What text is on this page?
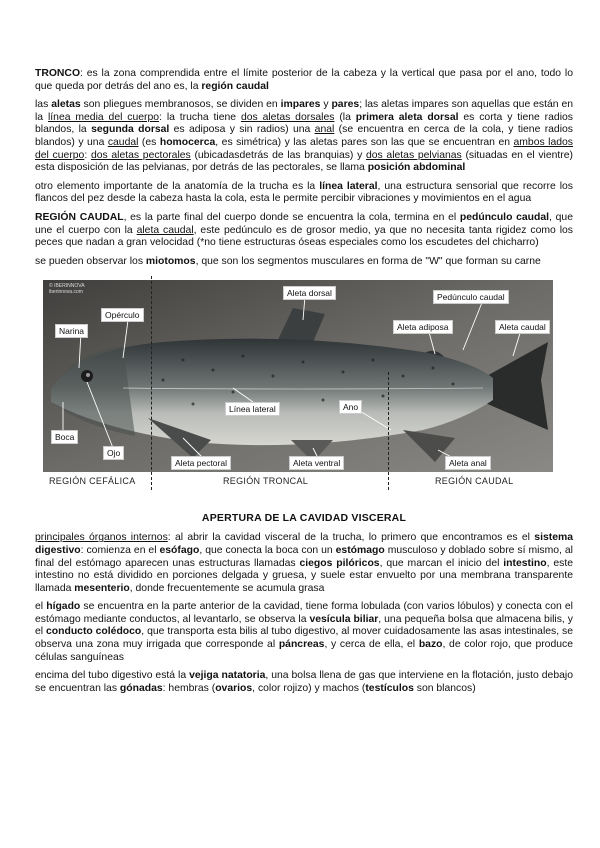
TRONCO: es la zona comprendida entre el límite posterior de la cabeza y la vertical que pasa por el ano, todo lo que queda por detrás del ano es, la región caudal

las aletas son pliegues membranosos, se dividen en impares y pares; las aletas impares son aquellas que están en la línea media del cuerpo: la trucha tiene dos aletas dorsales (la primera aleta dorsal es corta y tiene radios blandos, la segunda dorsal es adiposa y sin radios) una anal (se encuentra en cerca de la cola, y tiene radios blandos) y una caudal (es homocerca, es simétrica) y las aletas pares son las que se encuentran en ambos lados del cuerpo: dos aletas pectorales (ubicadasdetrás de las branquias) y dos aletas pelvianas (situadas en el vientre) esta disposición de las pelvianas, por detrás de las pectorales, se llama posición abdominal

otro elemento importante de la anatomía de la trucha es la línea lateral, una estructura sensorial que recorre los flancos del pez desde la cabeza hasta la cola, esta le permite percibir vibraciones y movimientos en el agua

REGIÓN CAUDAL, es la parte final del cuerpo donde se encuentra la cola, termina en el pedúnculo caudal, que une el cuerpo con la aleta caudal, este pedúnculo es de grosor medio, ya que no necesita tanta rigidez como los peces que nadan a gran velocidad (*no tiene estructuras óseas especiales como los escudetes del chicharro)

se pueden observar los miotomos, que son los segmentos musculares en forma de "W" que forman su carne

© IBERINNOVA
iberinnova.com	Aleta dorsal
Opérculo
Pedúnculo caudal
Narina	Aleta adiposa	Aleta caudal
Línea lateral	Ano
Boca
Ojo
Aleta pectoral	Aleta ventral	Aleta anal
REGIÓN CEFÁLICA	REGIÓN TRONCAL	REGIÓN CAUDAL
APERTURA DE LA CAVIDAD VISCERAL

principales órganos internos: al abrir la cavidad visceral de la trucha, lo primero que encontramos es el sistema digestivo: comienza en el esófago, que conecta la boca con un estómago musculoso y doblado sobre sí mismo, al final del estómago aparecen unas estructuras llamadas ciegos pilóricos, que marcan el inicio del intestino, este intestino no está dividido en porciones delgada y gruesa, y suele estar envuelto por una membrana transparente llamada mesenterio, donde frecuentemente se acumula grasa

el hígado se encuentra en la parte anterior de la cavidad, tiene forma lobulada (con varios lóbulos) y conecta con el estómago mediante conductos, al levantarlo, se observa la vesícula biliar, una pequeña bolsa que almacena bilis, y el conducto colédoco, que transporta esta bilis al tubo digestivo, al mover cuidadosamente las asas intestinales, se observa una zona muy irrigada que corresponde al páncreas, y cerca de ella, el bazo, de color rojo, que produce células sanguíneas

encima del tubo digestivo está la vejiga natatoria, una bolsa llena de gas que interviene en la flotación, justo debajo se encuentran las gónadas: hembras (ovarios, color rojizo) y machos (testículos son blancos)
